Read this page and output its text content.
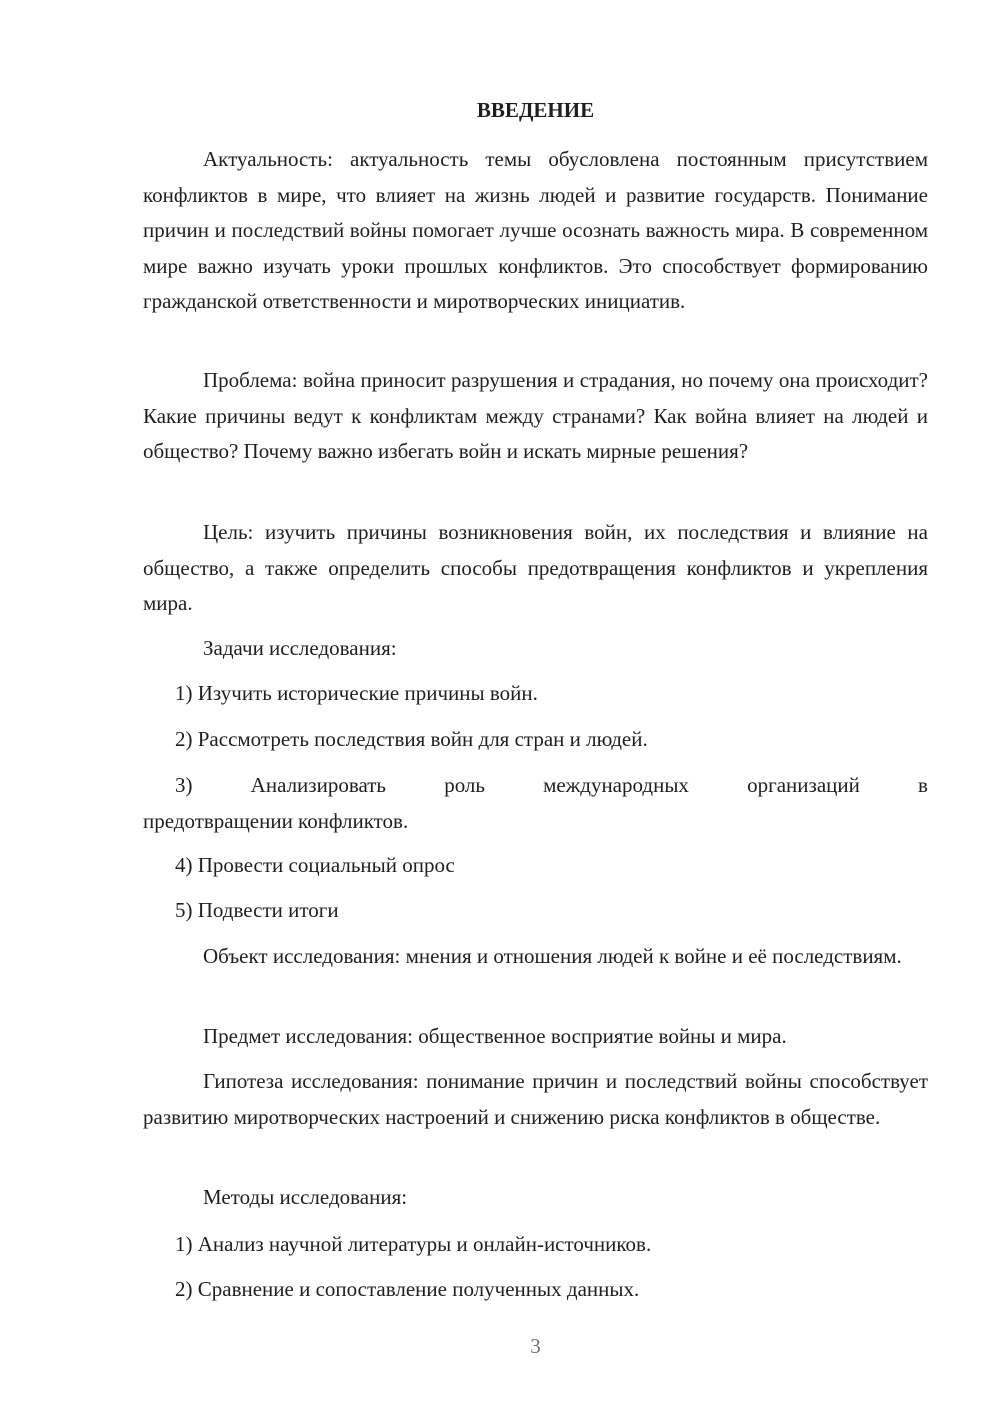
ВВЕДЕНИЕ

Актуальность: актуальность темы обусловлена постоянным присутствием конфликтов в мире, что влияет на жизнь людей и развитие государств. Понимание причин и последствий войны помогает лучше осознать важность мира. В современном мире важно изучать уроки прошлых конфликтов. Это способствует формированию гражданской ответственности и миротворческих инициатив.

Проблема: война приносит разрушения и страдания, но почему она происходит? Какие причины ведут к конфликтам между странами? Как война влияет на людей и общество? Почему важно избегать войн и искать мирные решения?

Цель: изучить причины возникновения войн, их последствия и влияние на общество, а также определить способы предотвращения конфликтов и укрепления мира.

Задачи исследования:

1) Изучить исторические причины войн.

2) Рассмотреть последствия войн для стран и людей.

3)	Анализировать	роль	международных	организаций	в
предотвращении конфликтов.

4) Провести социальный опрос

5) Подвести итоги

Объект исследования: мнения и отношения людей к войне и её последствиям.

Предмет исследования: общественное восприятие войны и мира.

Гипотеза исследования: понимание причин и последствий войны способствует развитию миротворческих настроений и снижению риска конфликтов в обществе.

Методы исследования:

1) Анализ научной литературы и онлайн-источников.

2) Сравнение и сопоставление полученных данных.

3
